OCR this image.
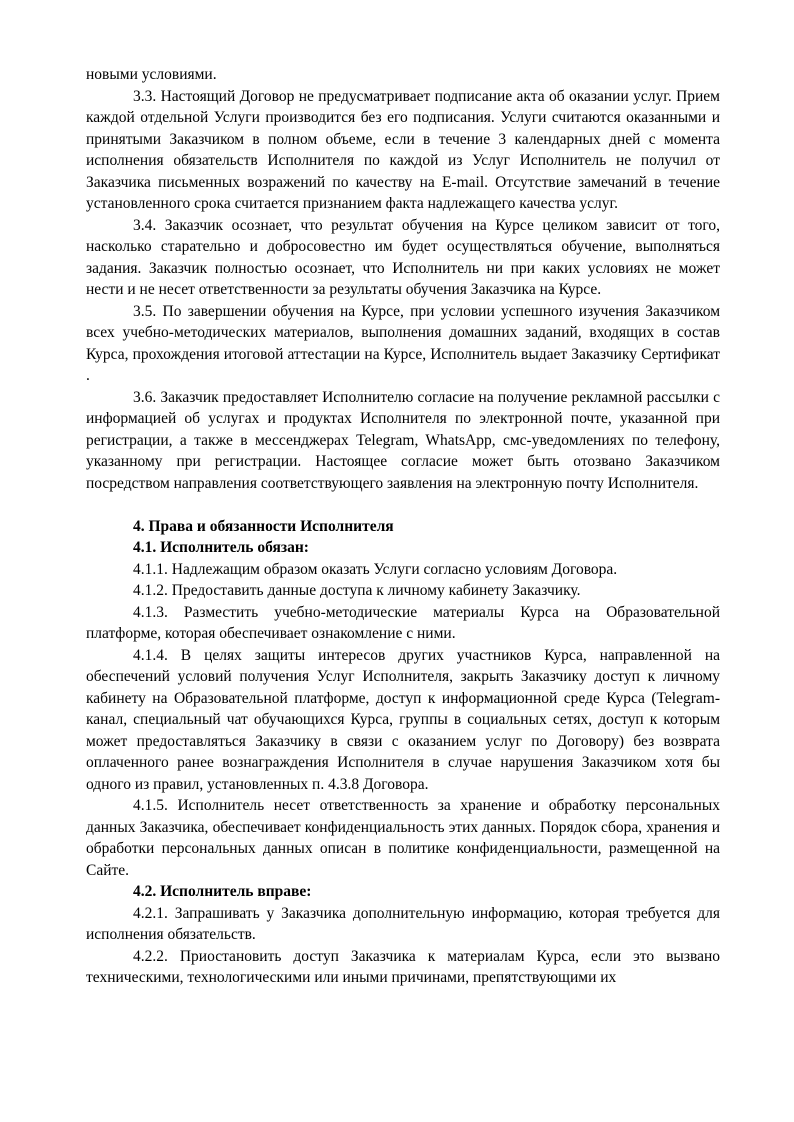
новыми условиями.

3.3. Настоящий Договор не предусматривает подписание акта об оказании услуг. Прием каждой отдельной Услуги производится без его подписания. Услуги считаются оказанными и принятыми Заказчиком в полном объеме, если в течение 3 календарных дней с момента исполнения обязательств Исполнителя по каждой из Услуг Исполнитель не получил от Заказчика письменных возражений по качеству на E-mail. Отсутствие замечаний в течение установленного срока считается признанием факта надлежащего качества услуг.

3.4. Заказчик осознает, что результат обучения на Курсе целиком зависит от того, насколько старательно и добросовестно им будет осуществляться обучение, выполняться задания. Заказчик полностью осознает, что Исполнитель ни при каких условиях не может нести и не несет ответственности за результаты обучения Заказчика на Курсе.

3.5. По завершении обучения на Курсе, при условии успешного изучения Заказчиком всех учебно-методических материалов, выполнения домашних заданий, входящих в состав Курса, прохождения итоговой аттестации на Курсе, Исполнитель выдает Заказчику Сертификат .

3.6. Заказчик предоставляет Исполнителю согласие на получение рекламной рассылки с информацией об услугах и продуктах Исполнителя по электронной почте, указанной при регистрации, а также в мессенджерах Telegram, WhatsApp, смс-уведомлениях по телефону, указанному при регистрации. Настоящее согласие может быть отозвано Заказчиком посредством направления соответствующего заявления на электронную почту Исполнителя.

4. Права и обязанности Исполнителя

4.1. Исполнитель обязан:

4.1.1. Надлежащим образом оказать Услуги согласно условиям Договора.

4.1.2. Предоставить данные доступа к личному кабинету Заказчику.

4.1.3. Разместить учебно-методические материалы Курса на Образовательной платформе, которая обеспечивает ознакомление с ними.

4.1.4. В целях защиты интересов других участников Курса, направленной на обеспечений условий получения Услуг Исполнителя, закрыть Заказчику доступ к личному кабинету на Образовательной платформе, доступ к информационной среде Курса (Telegram-канал, специальный чат обучающихся Курса, группы в социальных сетях, доступ к которым может предоставляться Заказчику в связи с оказанием услуг по Договору) без возврата оплаченного ранее вознаграждения Исполнителя в случае нарушения Заказчиком хотя бы одного из правил, установленных п. 4.3.8 Договора.

4.1.5. Исполнитель несет ответственность за хранение и обработку персональных данных Заказчика, обеспечивает конфиденциальность этих данных. Порядок сбора, хранения и обработки персональных данных описан в политике конфиденциальности, размещенной на Сайте.

4.2. Исполнитель вправе:

4.2.1. Запрашивать у Заказчика дополнительную информацию, которая требуется для исполнения обязательств.

4.2.2. Приостановить доступ Заказчика к материалам Курса, если это вызвано техническими, технологическими или иными причинами, препятствующими их
